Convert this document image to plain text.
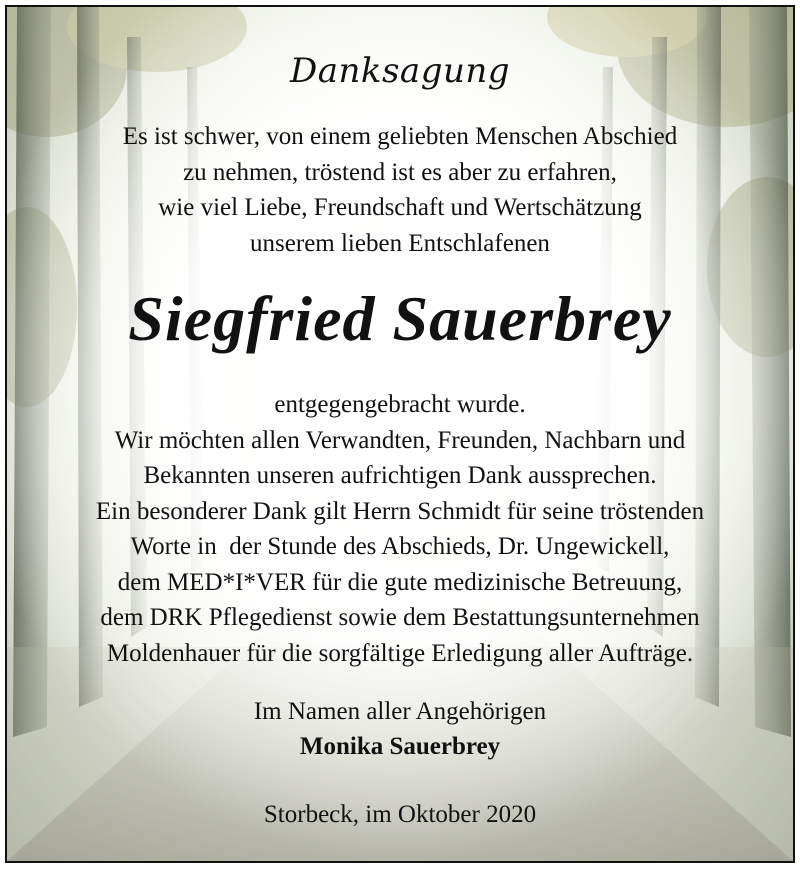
Danksagung
Es ist schwer, von einem geliebten Menschen Abschied
zu nehmen, tröstend ist es aber zu erfahren,
wie viel Liebe, Freundschaft und Wertschätzung
unserem lieben Entschlafenen
Siegfried Sauerbrey
entgegengebracht wurde.
Wir möchten allen Verwandten, Freunden, Nachbarn und
Bekannten unseren aufrichtigen Dank aussprechen.
Ein besonderer Dank gilt Herrn Schmidt für seine tröstenden
Worte in  der Stunde des Abschieds, Dr. Ungewickell,
dem MED*I*VER für die gute medizinische Betreuung,
dem DRK Pflegedienst sowie dem Bestattungsunternehmen
Moldenhauer für die sorgfältige Erledigung aller Aufträge.
Im Namen aller Angehörigen
Monika Sauerbrey
Storbeck, im Oktober 2020
